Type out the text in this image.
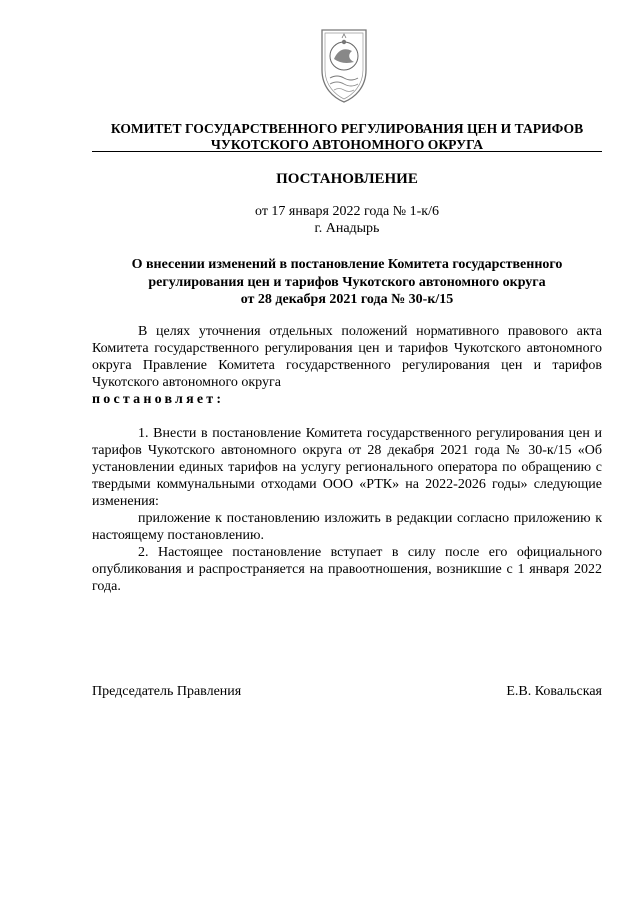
КОМИТЕТ ГОСУДАРСТВЕННОГО РЕГУЛИРОВАНИЯ ЦЕН И ТАРИФОВ
ЧУКОТСКОГО АВТОНОМНОГО ОКРУГА
ПОСТАНОВЛЕНИЕ
от 17 января 2022 года № 1-к/6
г. Анадырь
О внесении изменений в постановление Комитета государственного
регулирования цен и тарифов Чукотского автономного округа
от 28 декабря 2021 года № 30-к/15

В целях уточнения отдельных положений нормативного правового акта Комитета государственного регулирования цен и тарифов Чукотского автономного округа Правление Комитета государственного регулирования цен и тарифов Чукотского автономного округа

постановляет:

1. Внести в постановление Комитета государственного регулирования цен и тарифов Чукотского автономного округа от 28 декабря 2021 года № 30-к/15 «Об установлении единых тарифов на услугу регионального оператора по обращению с твердыми коммунальными отходами ООО «РТК» на 2022-2026 годы» следующие изменения:

приложение к постановлению изложить в редакции согласно приложению к настоящему постановлению.

2. Настоящее постановление вступает в силу после его официального опубликования и распространяется на правоотношения, возникшие с 1 января 2022 года.

Председатель Правления	Е.В. Ковальская
